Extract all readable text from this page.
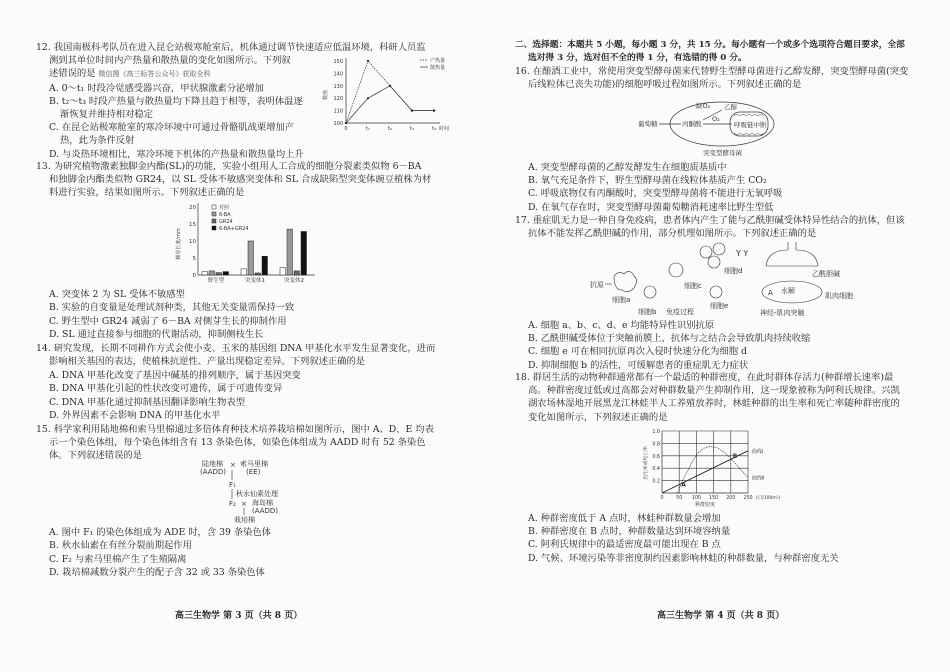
12. 我国南极科考队员在进入昆仑站极寒舱室后，机体通过调节快速适应低温环境，科研人员监
测到其单位时间内产热量和散热量的变化如图所示。下列叙
述错误的是 微信搜《高三标答公众号》获取全科
A. 0～t₁ 时段冷觉感受器兴奋，甲状腺激素分泌增加
B. t₂～t₃ 时段产热量与散热量均下降且趋于相等，表明体温逐
渐恢复并维持相对稳定
C. 在昆仑站极寒舱室的寒冷环境中可通过骨骼肌战栗增加产
热，此为条件反射
D. 与炎热环境相比，寒冷环境下机体的产热量和散热量均上升
100
110
120
130
140
150
0	t₁	t₂	t₃	t₄ 时间
数值
产热量
散热量
13. 为研究植物激素独脚金内酯(SL)的功能，实验小组用人工合成的细胞分裂素类似物 6－BA
和独脚金内酯类似物 GR24，以 SL 受体不敏感突变体和 SL 合成缺陷型突变体豌豆植株为材
料进行实验，结果如图所示。下列叙述正确的是
0
5
10
15
20
侧芽长度/mm
野生型	突变体1	突变体2
对照
6-BA
GR24
6-BA+GR24
A. 突变体 2 为 SL 受体不敏感型
B. 实验的自变量是处理试剂种类，其他无关变量需保持一致
C. 野生型中 GR24 减弱了 6－BA 对侧芽生长的抑制作用
D. SL 通过直接参与细胞的代谢活动，抑制侧枝生长
14. 研究发现，长期不同耕作方式会使小麦、玉米的基因组 DNA 甲基化水平发生显著变化，进而
影响相关基因的表达，使植株抗逆性、产量出现稳定差异。下列叙述正确的是
A. DNA 甲基化改变了基因中碱基的排列顺序，属于基因突变
B. DNA 甲基化引起的性状改变可遗传，属于可遗传变异
C. DNA 甲基化通过抑制基因翻译影响生物表型
D. 外界因素不会影响 DNA 的甲基化水平
15. 科学家利用陆地棉和索马里棉通过多倍体育种技术培养栽培棉如图所示，图中 A、D、E 均表
示一个染色体组，每个染色体组含有 13 条染色体，如染色体组成为 AADD 时有 52 条染色
体。下列叙述错误的是
陆地棉
(AADD)
× 索马里棉
(EE)
F₁
秋水仙素处理
F₂ × 海岛棉
(AADD)
栽培棉
A. 图中 F₁ 的染色体组成为 ADE 时，含 39 条染色体
B. 秋水仙素在有丝分裂前期起作用
C. F₂ 与索马里棉产生了生殖隔离
D. 栽培棉减数分裂产生的配子含 32 或 33 条染色体
高三生物学 第 3 页（共 8 页）
二、选择题：本题共 5 小题，每小题 3 分，共 15 分。每小题有一个或多个选项符合题目要求，全部
选对得 3 分，选对但不全的得 1 分，有选错的得 0 分。
16. 在酿酒工业中，常使用突变型酵母菌来代替野生型酵母菌进行乙醇发酵，突变型酵母菌(突变
后线粒体已丧失功能)的细胞呼吸过程如图所示。下列叙述正确的是
葡萄糖	丙酮酸
缺O₂ 乙醇
O₂
呼吸链中断
突变型酵母菌
A. 突变型酵母菌的乙醇发酵发生在细胞质基质中
B. 氧气充足条件下，野生型酵母菌在线粒体基质产生 CO₂
C. 呼吸底物仅有丙酮酸时，突变型酵母菌将不能进行无氧呼吸
D. 在氧气存在时，突变型酵母菌葡萄糖消耗速率比野生型低
17. 重症肌无力是一种自身免疫病，患者体内产生了能与乙酰胆碱受体特异性结合的抗体，但该
抗体不能发挥乙酰胆碱的作用，部分机理如图所示。下列叙述正确的是
抗原
细胞a
细胞b
细胞c
细胞d
细胞e
免疫过程
Y Y
乙酰胆碱
A 水解
肌肉细胞
神经-肌肉突触
A. 细胞 a、b、c、d、e 均能特异性识别抗原
B. 乙酰胆碱受体位于突触前膜上，抗体与之结合会导致肌肉持续收缩
C. 细胞 e 可在相同抗原再次入侵时快速分化为细胞 d
D. 抑制细胞 b 的活性，可缓解患者的重症肌无力症状
18. 群居生活的动物种群通常都有一个最适的种群密度，在此时群体存活力(种群增长速率)最
高。种群密度过低或过高都会对种群数量产生抑制作用，这一现象被称为阿利氏规律。兴凯
湖农场林湿地开展黑龙江林蛙半人工养殖放养时，林蛙种群的出生率和死亡率随种群密度的
变化如图所示，下列叙述正确的是
0	50 100 150 200 250
0.2
0.4
0.6
0.8
1.0
(只/100m²)
种群密度
出生率或死亡率	曲线Ⅰ
曲线Ⅱ
A
B
A. 种群密度低于 A 点时，林蛙种群数量会增加
B. 种群密度在 B 点时，种群数量达到环境容纳量
C. 阿利氏规律中的最适密度最可能出现在 B 点
D. 气候、环境污染等非密度制约因素影响林蛙的种群数量，与种群密度无关
高三生物学 第 4 页（共 8 页）
